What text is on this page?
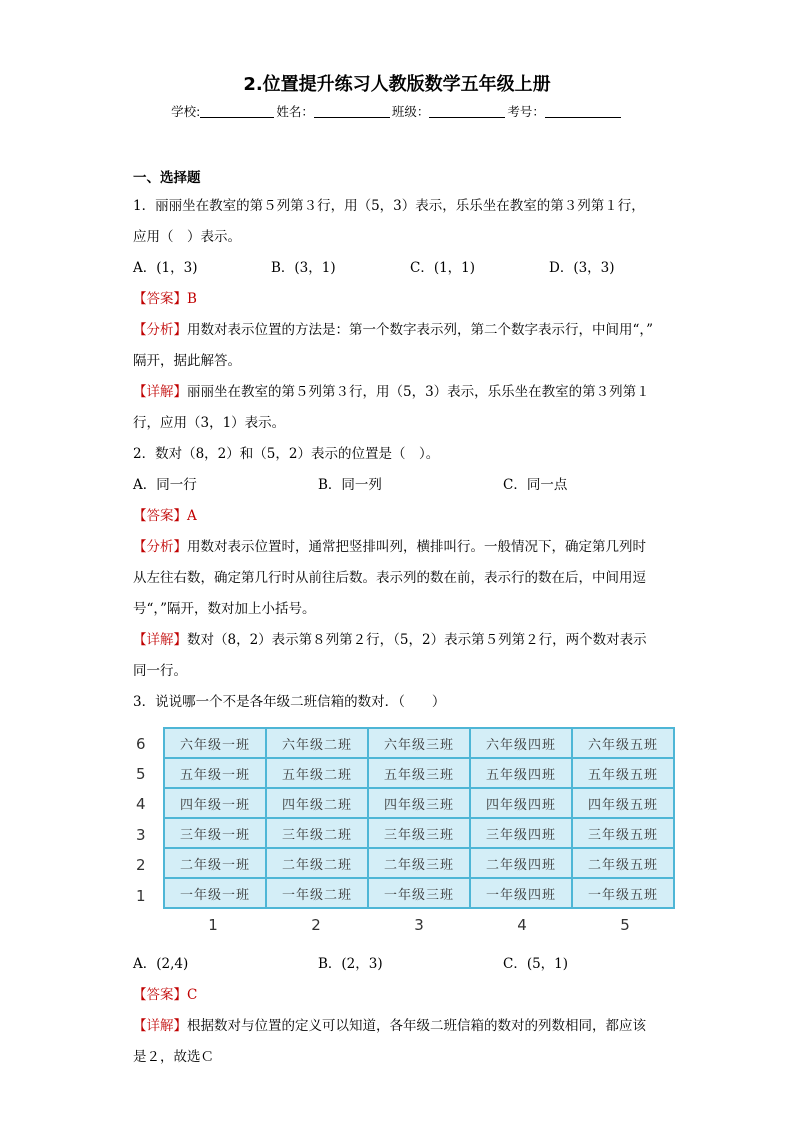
2.位置提升练习人教版数学五年级上册
学校:	姓名：	班级：	考号：
一、选择题
1．丽丽坐在教室的第５列第３行，用（5，3）表示，乐乐坐在教室的第３列第１行，
应用（　）表示。
A．(1，3)	B．(3，1)	C．(1，1)	D．(3，3)
【答案】B
【分析】用数对表示位置的方法是：第一个数字表示列，第二个数字表示行，中间用“，”
隔开，据此解答。
【详解】丽丽坐在教室的第５列第３行，用（5，3）表示，乐乐坐在教室的第３列第１
行，应用（3，1）表示。
2．数对（8，2）和（5，2）表示的位置是（　）。
A．同一行	B．同一列	C．同一点
【答案】A
【分析】用数对表示位置时，通常把竖排叫列，横排叫行。一般情况下，确定第几列时
从左往右数，确定第几行时从前往后数。表示列的数在前，表示行的数在后，中间用逗
号“，”隔开，数对加上小括号。
【详解】数对（8，2）表示第８列第２行，（5，2）表示第５列第２行，两个数对表示
同一行。
3．说说哪一个不是各年级二班信箱的数对．（　　）
6
5
4
3
2
1
六年级一班	六年级二班	六年级三班	六年级四班	六年级五班
五年级一班	五年级二班	五年级三班	五年级四班	五年级五班
四年级一班	四年级二班	四年级三班	四年级四班	四年级五班
三年级一班	三年级二班	三年级三班	三年级四班	三年级五班
二年级一班	二年级二班	二年级三班	二年级四班	二年级五班
一年级一班	一年级二班	一年级三班	一年级四班	一年级五班
1	2	3	4	5
A．(2,4)	B．(2，3)	C．(5，1)
【答案】C
【详解】根据数对与位置的定义可以知道，各年级二班信箱的数对的列数相同，都应该
是２，故选Ｃ
